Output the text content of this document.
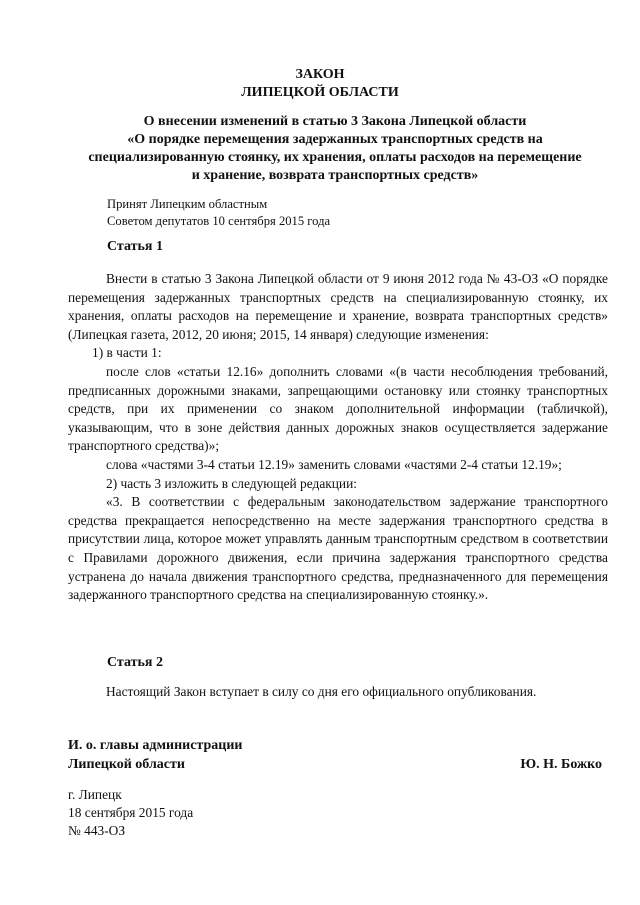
ЗАКОН
ЛИПЕЦКОЙ ОБЛАСТИ
О внесении изменений в статью 3 Закона Липецкой области
«О порядке перемещения задержанных транспортных средств на
специализированную стоянку, их хранения, оплаты расходов на перемещение
и хранение, возврата транспортных средств»
Принят Липецким областным
Советом депутатов 10 сентября 2015 года
Статья 1

Внести в статью 3 Закона Липецкой области от 9 июня 2012 года № 43-ОЗ «О порядке перемещения задержанных транспортных средств на специализированную стоянку, их хранения, оплаты расходов на перемещение и хранение, возврата транспортных средств» (Липецкая газета, 2012, 20 июня; 2015, 14 января) следующие изменения:

1) в части 1:

после слов «статьи 12.16» дополнить словами «(в части несоблюдения требований, предписанных дорожными знаками, запрещающими остановку или стоянку транспортных средств, при их применении со знаком дополнительной информации (табличкой), указывающим, что в зоне действия данных дорожных знаков осуществляется задержание транспортного средства)»;

слова «частями 3-4 статьи 12.19» заменить словами «частями 2-4 статьи 12.19»;

2) часть 3 изложить в следующей редакции:

«3. В соответствии с федеральным законодательством задержание транспортного средства прекращается непосредственно на месте задержания транспортного средства в присутствии лица, которое может управлять данным транспортным средством в соответствии с Правилами дорожного движения, если причина задержания транспортного средства устранена до начала движения транспортного средства, предназначенного для перемещения задержанного транспортного средства на специализированную стоянку.».

Статья 2

Настоящий Закон вступает в силу со дня его официального опубликования.

И. о. главы администрации
Липецкой области	Ю. Н. Божко
г. Липецк
18 сентября 2015 года
№ 443-ОЗ
